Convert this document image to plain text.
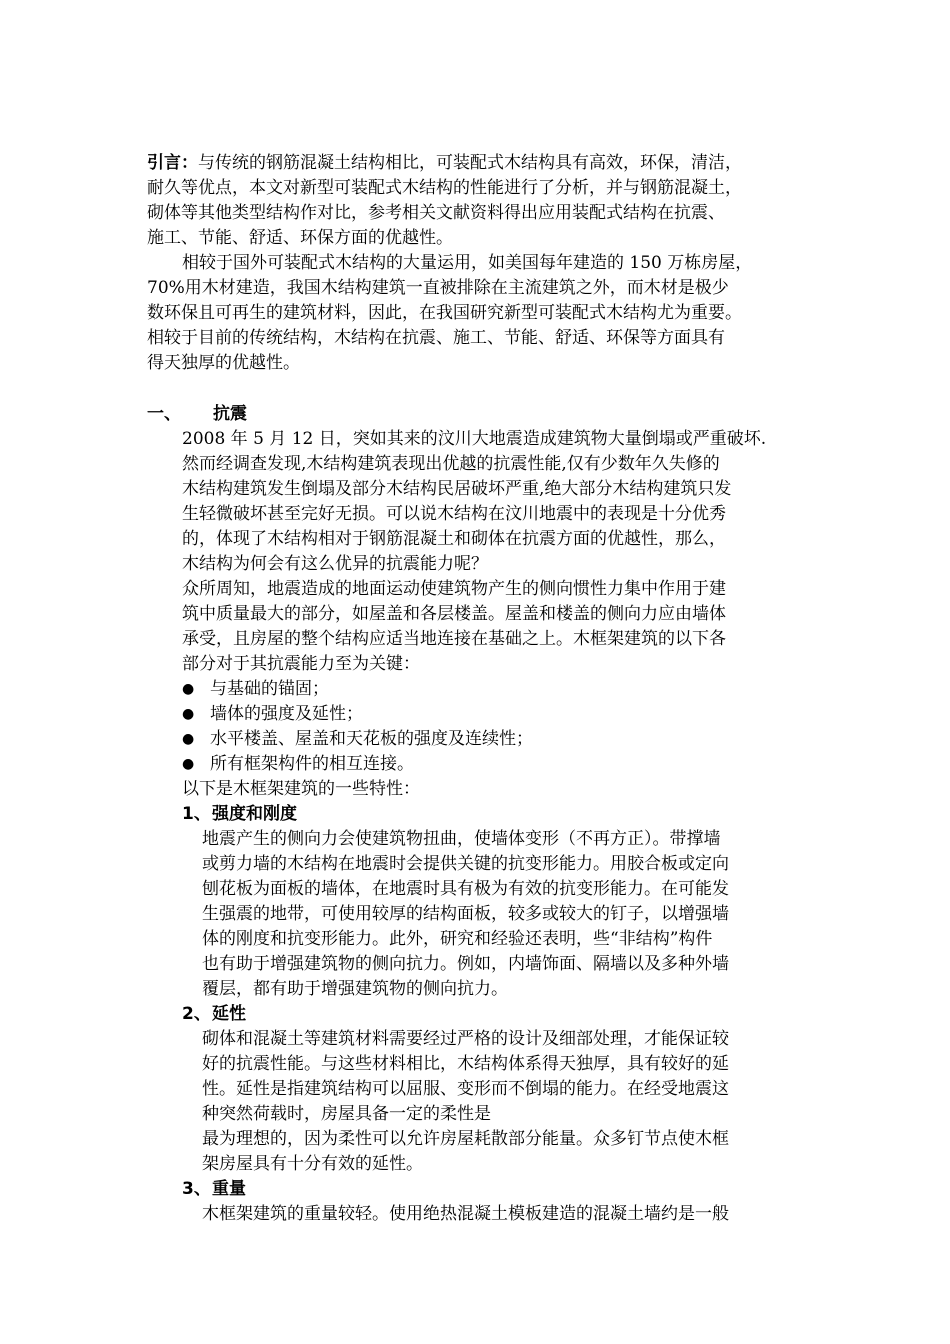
引言：与传统的钢筋混凝土结构相比，可装配式木结构具有高效，环保，清洁，
耐久等优点，本文对新型可装配式木结构的性能进行了分析，并与钢筋混凝土，
砌体等其他类型结构作对比，参考相关文献资料得出应用装配式结构在抗震、
施工、节能、舒适、环保方面的优越性。
相较于国外可装配式木结构的大量运用，如美国每年建造的 150 万栋房屋，
70%用木材建造，我国木结构建筑一直被排除在主流建筑之外，而木材是极少
数环保且可再生的建筑材料，因此，在我国研究新型可装配式木结构尤为重要。
相较于目前的传统结构，木结构在抗震、施工、节能、舒适、环保等方面具有
得天独厚的优越性。
一、 抗震
2008 年 5 月 12 日，突如其来的汶川大地震造成建筑物大量倒塌或严重破坏.
然而经调查发现,木结构建筑表现出优越的抗震性能,仅有少数年久失修的
木结构建筑发生倒塌及部分木结构民居破坏严重,绝大部分木结构建筑只发
生轻微破坏甚至完好无损。可以说木结构在汶川地震中的表现是十分优秀
的，体现了木结构相对于钢筋混凝土和砌体在抗震方面的优越性，那么，
木结构为何会有这么优异的抗震能力呢？
众所周知，地震造成的地面运动使建筑物产生的侧向惯性力集中作用于建
筑中质量最大的部分，如屋盖和各层楼盖。屋盖和楼盖的侧向力应由墙体
承受，且房屋的整个结构应适当地连接在基础之上。木框架建筑的以下各
部分对于其抗震能力至为关键：
● 与基础的锚固；
● 墙体的强度及延性；
● 水平楼盖、屋盖和天花板的强度及连续性；
● 所有框架构件的相互连接。
以下是木框架建筑的一些特性：
1、 强度和刚度
地震产生的侧向力会使建筑物扭曲，使墙体变形（不再方正）。带撑墙
或剪力墙的木结构在地震时会提供关键的抗变形能力。用胶合板或定向
刨花板为面板的墙体，在地震时具有极为有效的抗变形能力。在可能发
生强震的地带，可使用较厚的结构面板，较多或较大的钉子，以增强墙
体的刚度和抗变形能力。此外，研究和经验还表明，些“非结构”构件
也有助于增强建筑物的侧向抗力。例如，内墙饰面、隔墙以及多种外墙
覆层，都有助于增强建筑物的侧向抗力。
2、 延性
砌体和混凝土等建筑材料需要经过严格的设计及细部处理，才能保证较
好的抗震性能。与这些材料相比，木结构体系得天独厚，具有较好的延
性。延性是指建筑结构可以屈服、变形而不倒塌的能力。在经受地震这
种突然荷载时，房屋具备一定的柔性是
最为理想的，因为柔性可以允许房屋耗散部分能量。众多钉节点使木框
架房屋具有十分有效的延性。
3、 重量
木框架建筑的重量较轻。使用绝热混凝土模板建造的混凝土墙约是一般
